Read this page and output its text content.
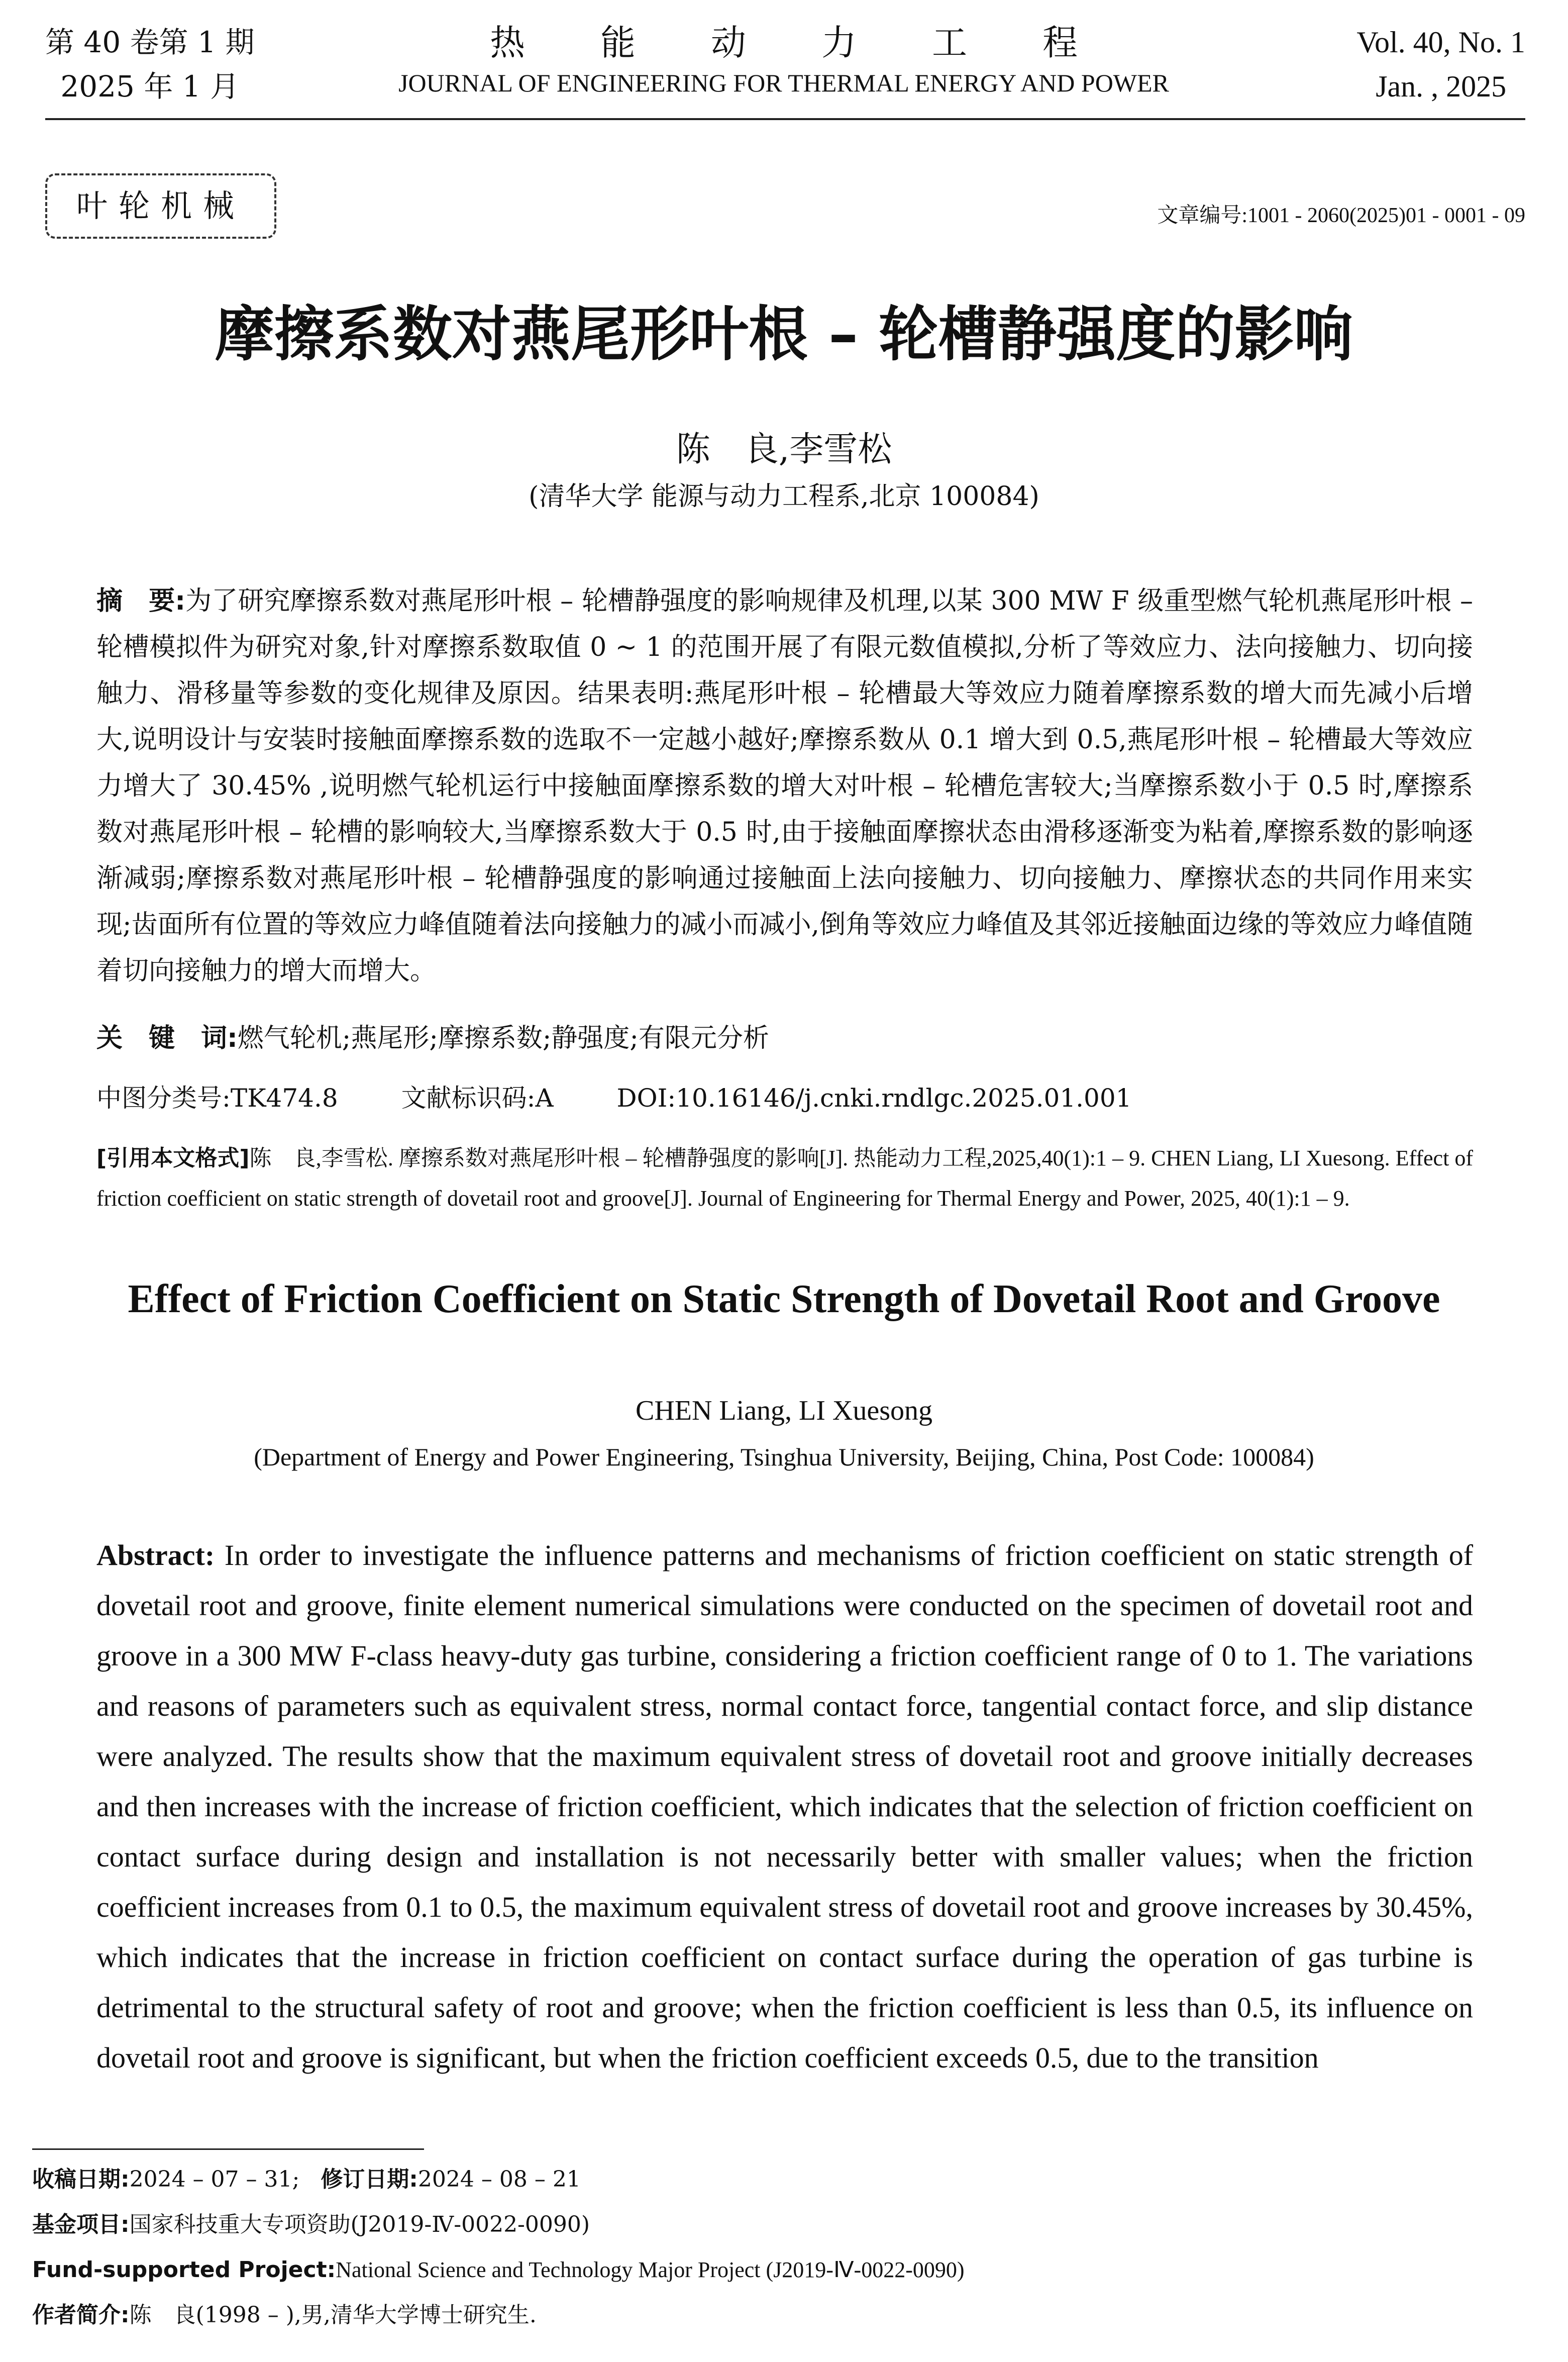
第 40 卷第 1 期
2025 年 1 月
热能动力工程
JOURNAL OF ENGINEERING FOR THERMAL ENERGY AND POWER
Vol. 40, No. 1
Jan. , 2025
叶轮机械	文章编号:1001 - 2060(2025)01 - 0001 - 09
摩擦系数对燕尾形叶根 – 轮槽静强度的影响
陈　良,李雪松
(清华大学 能源与动力工程系,北京 100084)
摘　要:为了研究摩擦系数对燕尾形叶根 – 轮槽静强度的影响规律及机理,以某 300 MW F 级重型燃气轮机燕尾形叶根 – 轮槽模拟件为研究对象,针对摩擦系数取值 0 ~ 1 的范围开展了有限元数值模拟,分析了等效应力、法向接触力、切向接触力、滑移量等参数的变化规律及原因。结果表明:燕尾形叶根 – 轮槽最大等效应力随着摩擦系数的增大而先减小后增大,说明设计与安装时接触面摩擦系数的选取不一定越小越好;摩擦系数从 0.1 增大到 0.5,燕尾形叶根 – 轮槽最大等效应力增大了 30.45% ,说明燃气轮机运行中接触面摩擦系数的增大对叶根 – 轮槽危害较大;当摩擦系数小于 0.5 时,摩擦系数对燕尾形叶根 – 轮槽的影响较大,当摩擦系数大于 0.5 时,由于接触面摩擦状态由滑移逐渐变为粘着,摩擦系数的影响逐渐减弱;摩擦系数对燕尾形叶根 – 轮槽静强度的影响通过接触面上法向接触力、切向接触力、摩擦状态的共同作用来实现;齿面所有位置的等效应力峰值随着法向接触力的减小而减小,倒角等效应力峰值及其邻近接触面边缘的等效应力峰值随着切向接触力的增大而增大。
关　键　词:燃气轮机;燕尾形;摩擦系数;静强度;有限元分析
中图分类号:TK474.8	文献标识码:A	DOI:10.16146/j.cnki.rndlgc.2025.01.001
[引用本文格式]陈　良,李雪松. 摩擦系数对燕尾形叶根 – 轮槽静强度的影响[J]. 热能动力工程,2025,40(1):1 – 9. CHEN Liang, LI Xuesong. Effect of friction coefficient on static strength of dovetail root and groove[J]. Journal of Engineering for Thermal Energy and Power, 2025, 40(1):1 – 9.
Effect of Friction Coefficient on Static Strength of Dovetail Root and Groove
CHEN Liang, LI Xuesong
(Department of Energy and Power Engineering, Tsinghua University, Beijing, China, Post Code: 100084)
Abstract: In order to investigate the influence patterns and mechanisms of friction coefficient on static strength of dovetail root and groove, finite element numerical simulations were conducted on the specimen of dovetail root and groove in a 300 MW F-class heavy-duty gas turbine, considering a friction coefficient range of 0 to 1. The variations and reasons of parameters such as equivalent stress, normal contact force, tangential contact force, and slip distance were analyzed. The results show that the maximum equivalent stress of dovetail root and groove initially decreases and then increases with the increase of friction coefficient, which indicates that the selection of friction coefficient on contact surface during design and installation is not necessarily better with smaller values; when the friction coefficient increases from 0.1 to 0.5, the maximum equivalent stress of dovetail root and groove increases by 30.45%, which indicates that the increase in friction coefficient on contact surface during the operation of gas turbine is detrimental to the structural safety of root and groove; when the friction coefficient is less than 0.5, its influence on dovetail root and groove is significant, but when the friction coefficient exceeds 0.5, due to the transition
收稿日期:2024 – 07 – 31; 修订日期:2024 – 08 – 21
基金项目:国家科技重大专项资助(J2019-Ⅳ-0022-0090)
Fund-supported Project:National Science and Technology Major Project (J2019-Ⅳ-0022-0090)
作者简介:陈　良(1998 – ),男,清华大学博士研究生.
